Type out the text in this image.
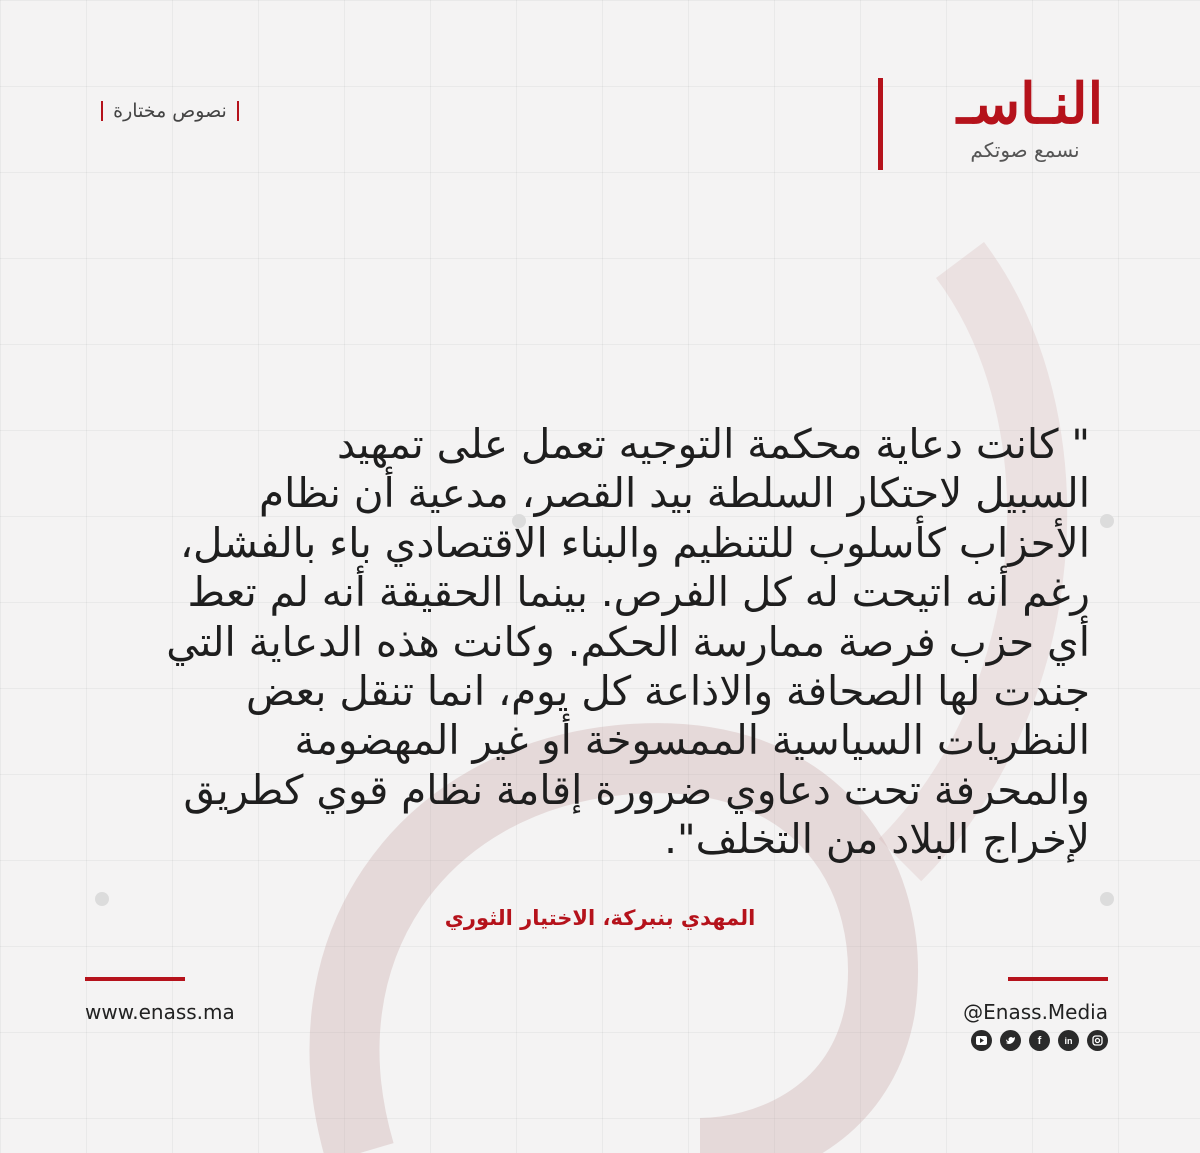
نصوص مختارة	النـاسـ
نسمع صوتكم
" كانت دعاية محكمة التوجيه تعمل على تمهيد
السبيل لاحتكار السلطة بيد القصر، مدعية أن نظام
الأحزاب كأسلوب للتنظيم والبناء الاقتصادي باء بالفشل،
رغم أنه اتيحت له كل الفرص. بينما الحقيقة أنه لم تعط
أي حزب فرصة ممارسة الحكم. وكانت هذه الدعاية التي
جندت لها الصحافة والاذاعة كل يوم، انما تنقل بعض
النظريات السياسية الممسوخة أو غير المهضومة
والمحرفة تحت دعاوي ضرورة إقامة نظام قوي كطريق
لإخراج البلاد من التخلف".
المهدي بنبركة، الاختيار الثوري
www.enass.ma	@Enass.Media
f	in
